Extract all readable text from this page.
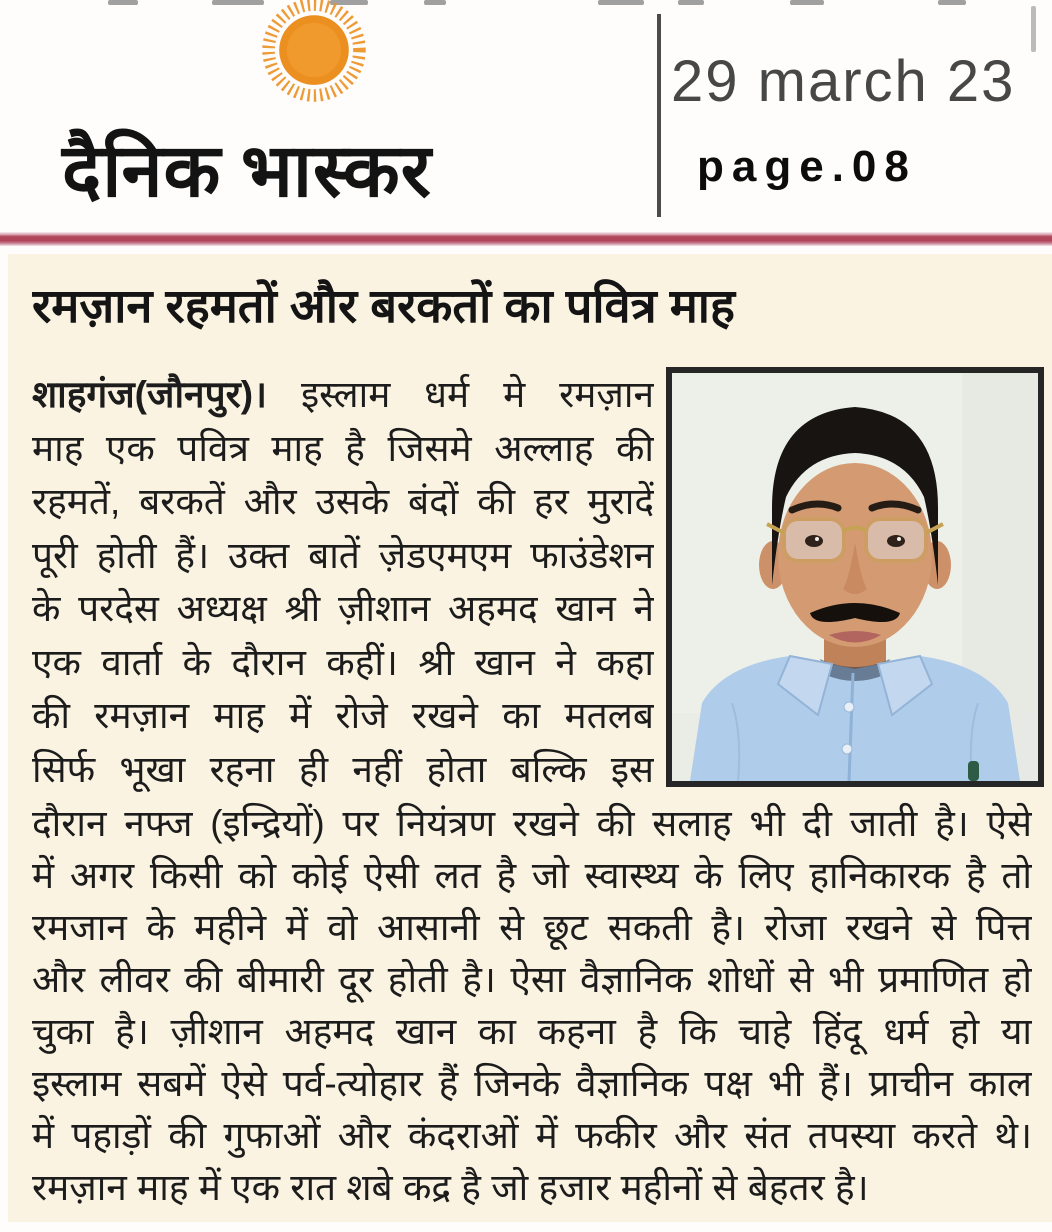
दैनिक भास्कर
29 march 23
page.08
रमज़ान रहमतों और बरकतों का पवित्र माह
शाहगंज(जौनपुर)। इस्लाम धर्म मे रमज़ान
माह एक पवित्र माह है जिसमे अल्लाह की
रहमतें, बरकतें और उसके बंदों की हर मुरादें
पूरी होती हैं। उक्त बातें ज़ेडएमएम फाउंडेशन
के परदेस अध्यक्ष श्री ज़ीशान अहमद खान ने
एक वार्ता के दौरान कहीं। श्री खान ने कहा
की रमज़ान माह में रोजे रखने का मतलब
सिर्फ भूखा रहना ही नहीं होता बल्कि इस
दौरान नफ्ज (इन्द्रियों) पर नियंत्रण रखने की सलाह भी दी जाती है। ऐसे
में अगर किसी को कोई ऐसी लत है जो स्वास्थ्य के लिए हानिकारक है तो
रमजान के महीने में वो आसानी से छूट सकती है। रोजा रखने से पित्त
और लीवर की बीमारी दूर होती है। ऐसा वैज्ञानिक शोधों से भी प्रमाणित हो
चुका है। ज़ीशान अहमद खान का कहना है कि चाहे हिंदू धर्म हो या
इस्लाम सबमें ऐसे पर्व-त्योहार हैं जिनके वैज्ञानिक पक्ष भी हैं। प्राचीन काल
में पहाड़ों की गुफाओं और कंदराओं में फकीर और संत तपस्या करते थे।
रमज़ान माह में एक रात शबे कद्र है जो हजार महीनों से बेहतर है।
